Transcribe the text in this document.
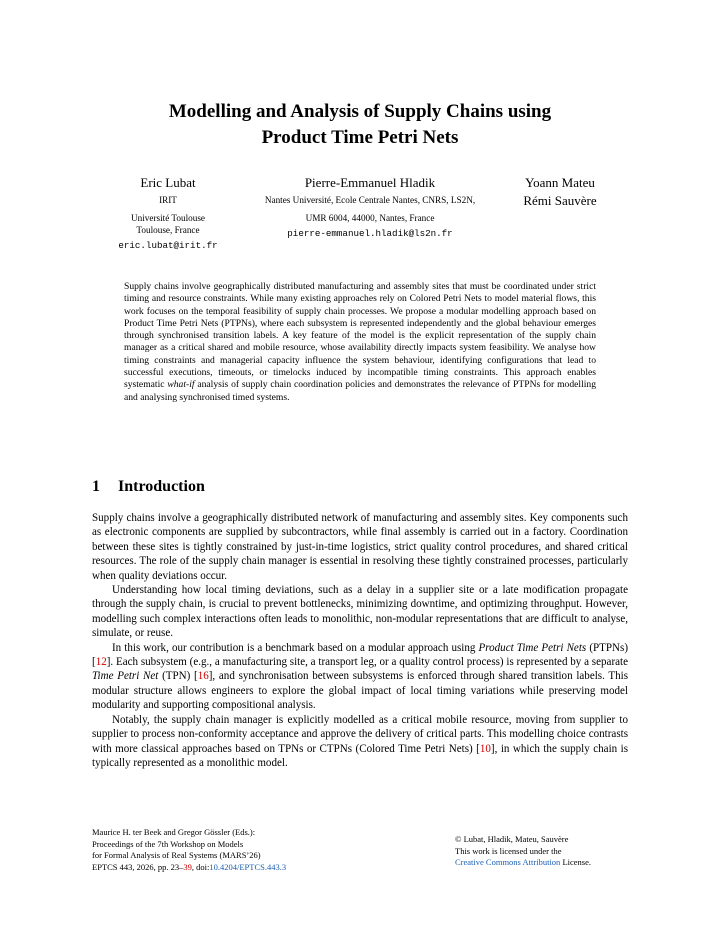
Modelling and Analysis of Supply Chains using
Product Time Petri Nets
Eric Lubat
IRIT
Université Toulouse
Toulouse, France
eric.lubat@irit.fr
Pierre-Emmanuel Hladik
Nantes Université, Ecole Centrale Nantes, CNRS, LS2N,
UMR 6004, 44000, Nantes, France
pierre-emmanuel.hladik@ls2n.fr
Yoann Mateu
Rémi Sauvère
Supply chains involve geographically distributed manufacturing and assembly sites that must be coordinated under strict timing and resource constraints. While many existing approaches rely on Colored Petri Nets to model material flows, this work focuses on the temporal feasibility of supply chain processes. We propose a modular modelling approach based on Product Time Petri Nets (PTPNs), where each subsystem is represented independently and the global behaviour emerges through synchronised transition labels. A key feature of the model is the explicit representation of the supply chain manager as a critical shared and mobile resource, whose availability directly impacts system feasibility. We analyse how timing constraints and managerial capacity influence the system behaviour, identifying configurations that lead to successful executions, timeouts, or timelocks induced by incompatible timing constraints. This approach enables systematic what-if analysis of supply chain coordination policies and demonstrates the relevance of PTPNs for modelling and analysing synchronised timed systems.
1 Introduction

Supply chains involve a geographically distributed network of manufacturing and assembly sites. Key components such as electronic components are supplied by subcontractors, while final assembly is carried out in a factory. Coordination between these sites is tightly constrained by just-in-time logistics, strict quality control procedures, and shared critical resources. The role of the supply chain manager is essential in resolving these tightly constrained processes, particularly when quality deviations occur.

Understanding how local timing deviations, such as a delay in a supplier site or a late modification propagate through the supply chain, is crucial to prevent bottlenecks, minimizing downtime, and optimizing throughput. However, modelling such complex interactions often leads to monolithic, non-modular representations that are difficult to analyse, simulate, or reuse.

In this work, our contribution is a benchmark based on a modular approach using Product Time Petri Nets (PTPNs) [12]. Each subsystem (e.g., a manufacturing site, a transport leg, or a quality control process) is represented by a separate Time Petri Net (TPN) [16], and synchronisation between subsystems is enforced through shared transition labels. This modular structure allows engineers to explore the global impact of local timing variations while preserving model modularity and supporting compositional analysis.

Notably, the supply chain manager is explicitly modelled as a critical mobile resource, moving from supplier to supplier to process non-conformity acceptance and approve the delivery of critical parts. This modelling choice contrasts with more classical approaches based on TPNs or CTPNs (Colored Time Petri Nets) [10], in which the supply chain is typically represented as a monolithic model.

Maurice H. ter Beek and Gregor Gössler (Eds.):
Proceedings of the 7th Workshop on Models
for Formal Analysis of Real Systems (MARS’26)
EPTCS 443, 2026, pp. 23–39, doi:10.4204/EPTCS.443.3
© Lubat, Hladik, Mateu, Sauvère
This work is licensed under the
Creative Commons Attribution License.
